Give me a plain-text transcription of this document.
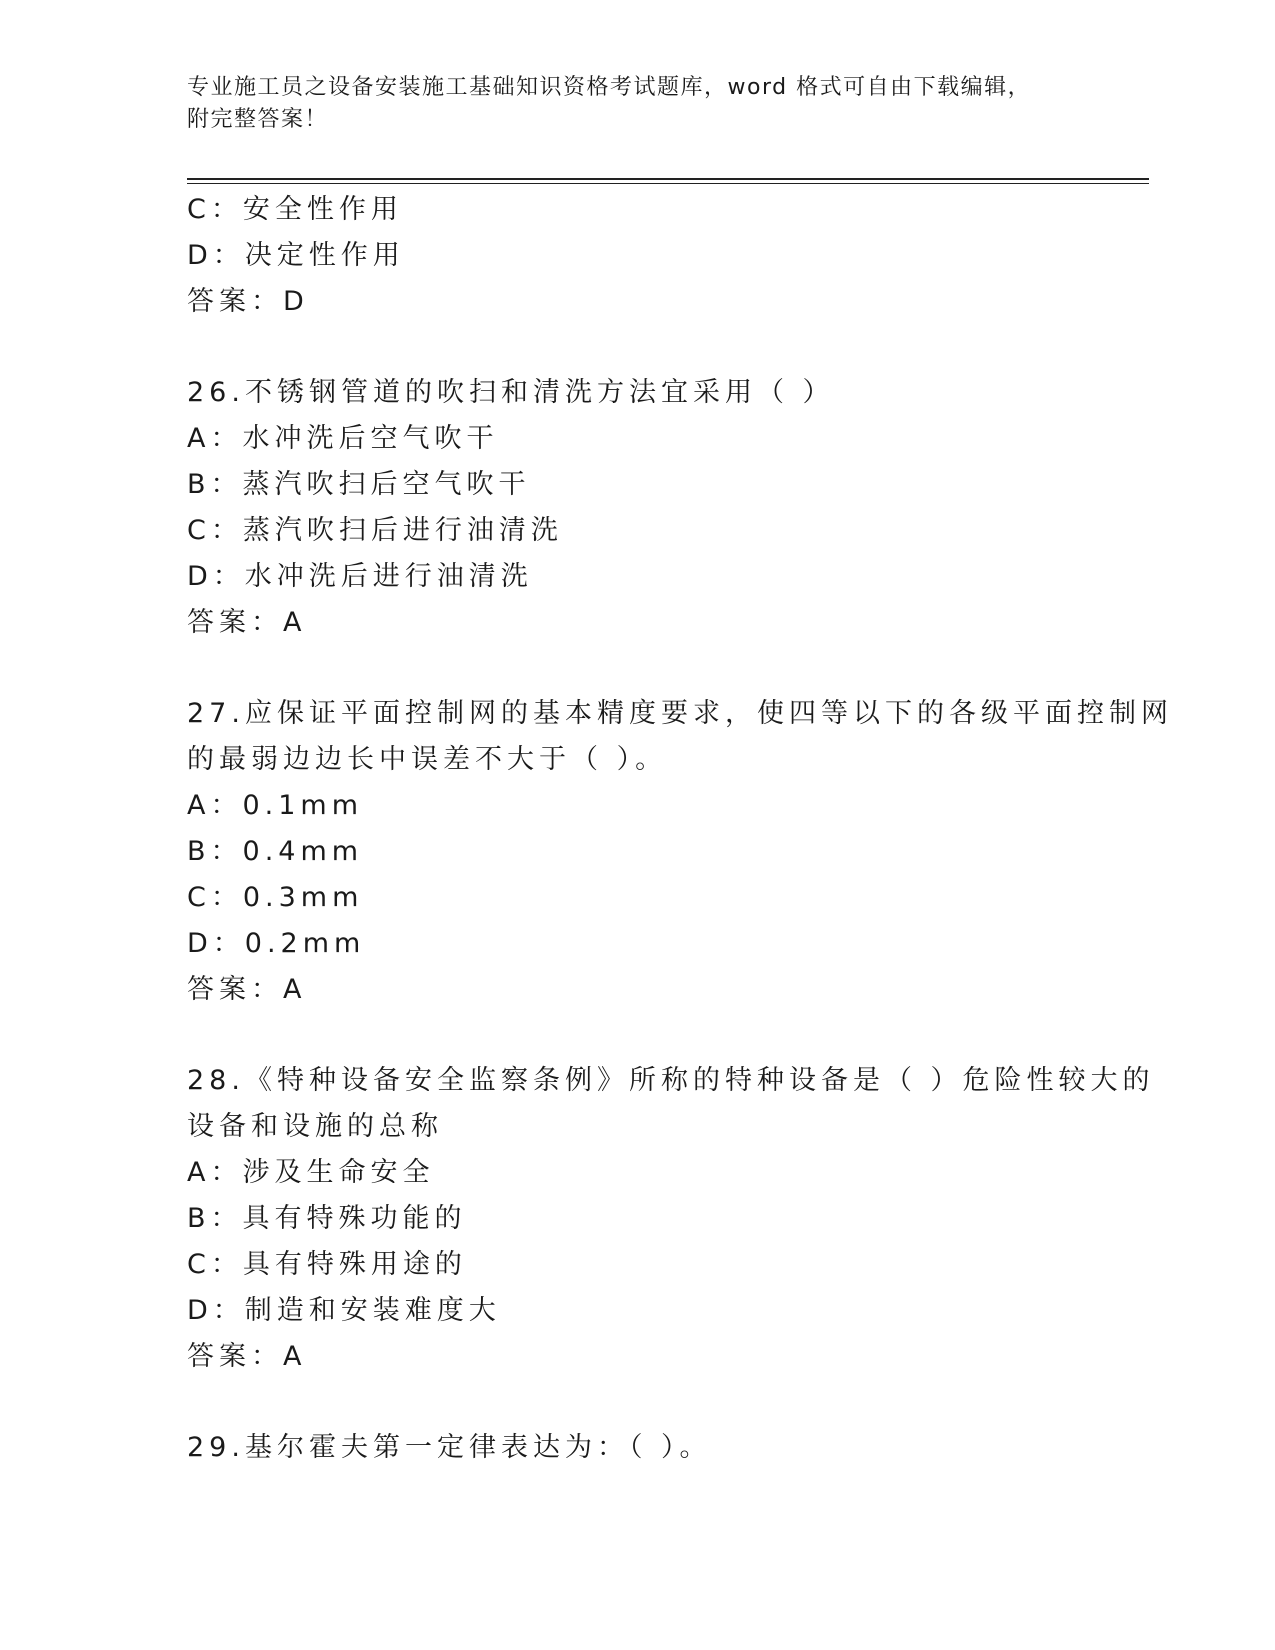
专业施工员之设备安装施工基础知识资格考试题库，word 格式可自由下载编辑，
附完整答案！
C：安全性作用
D：决定性作用
答案：D
26.不锈钢管道的吹扫和清洗方法宜采用（ ）
A：水冲洗后空气吹干
B：蒸汽吹扫后空气吹干
C：蒸汽吹扫后进行油清洗
D：水冲洗后进行油清洗
答案：A
27.应保证平面控制网的基本精度要求，使四等以下的各级平面控制网
的最弱边边长中误差不大于（ ）。
A：0.1mm
B：0.4mm
C：0.3mm
D：0.2mm
答案：A
28.《特种设备安全监察条例》所称的特种设备是（ ）危险性较大的
设备和设施的总称
A：涉及生命安全
B：具有特殊功能的
C：具有特殊用途的
D：制造和安装难度大
答案：A
29.基尔霍夫第一定律表达为：（ ）。
